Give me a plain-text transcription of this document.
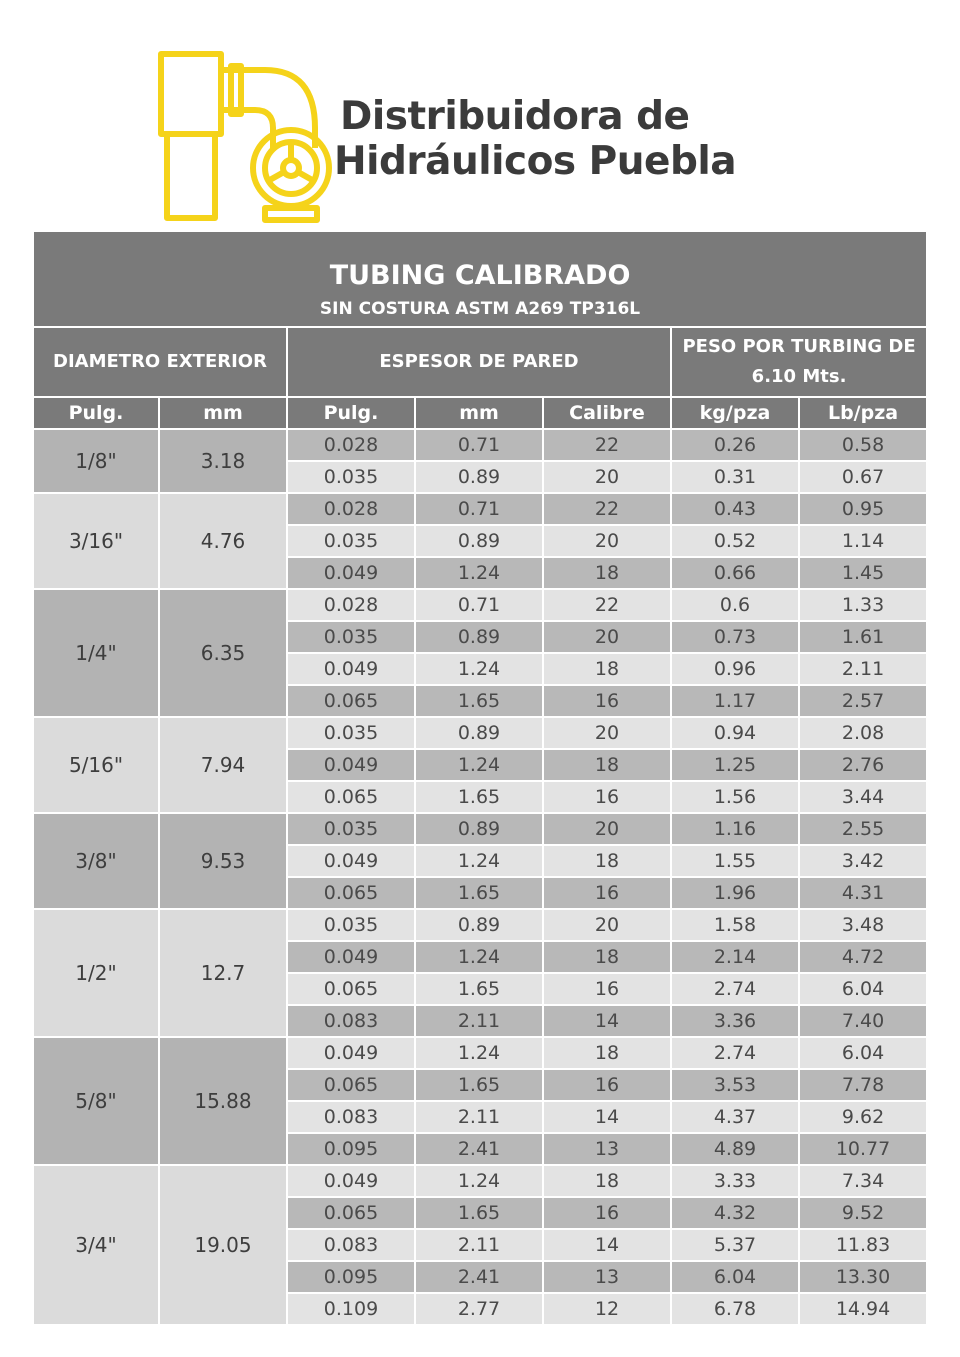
Distribuidora de
Hidráulicos Puebla
TUBING CALIBRADO
SIN COSTURA ASTM A269 TP316L						

DIAMETRO EXTERIOR		ESPESOR DE PARED			PESO POR TURBING DE 6.10 Mts.	
Pulg.	mm	Pulg.	mm	Calibre	kg/pza	Lb/pza
1/8"	3.18	0.028	0.71	22	0.26	0.58
		0.035	0.89	20	0.31	0.67
3/16"	4.76	0.028	0.71	22	0.43	0.95
		0.035	0.89	20	0.52	1.14
		0.049	1.24	18	0.66	1.45
1/4"	6.35	0.028	0.71	22	0.6	1.33
		0.035	0.89	20	0.73	1.61
		0.049	1.24	18	0.96	2.11
		0.065	1.65	16	1.17	2.57
5/16"	7.94	0.035	0.89	20	0.94	2.08
		0.049	1.24	18	1.25	2.76
		0.065	1.65	16	1.56	3.44
3/8"	9.53	0.035	0.89	20	1.16	2.55
		0.049	1.24	18	1.55	3.42
		0.065	1.65	16	1.96	4.31
1/2"	12.7	0.035	0.89	20	1.58	3.48
		0.049	1.24	18	2.14	4.72
		0.065	1.65	16	2.74	6.04
		0.083	2.11	14	3.36	7.40
5/8"	15.88	0.049	1.24	18	2.74	6.04
		0.065	1.65	16	3.53	7.78
		0.083	2.11	14	4.37	9.62
		0.095	2.41	13	4.89	10.77
3/4"	19.05	0.049	1.24	18	3.33	7.34
		0.065	1.65	16	4.32	9.52
		0.083	2.11	14	5.37	11.83
		0.095	2.41	13	6.04	13.30
		0.109	2.77	12	6.78	14.94
